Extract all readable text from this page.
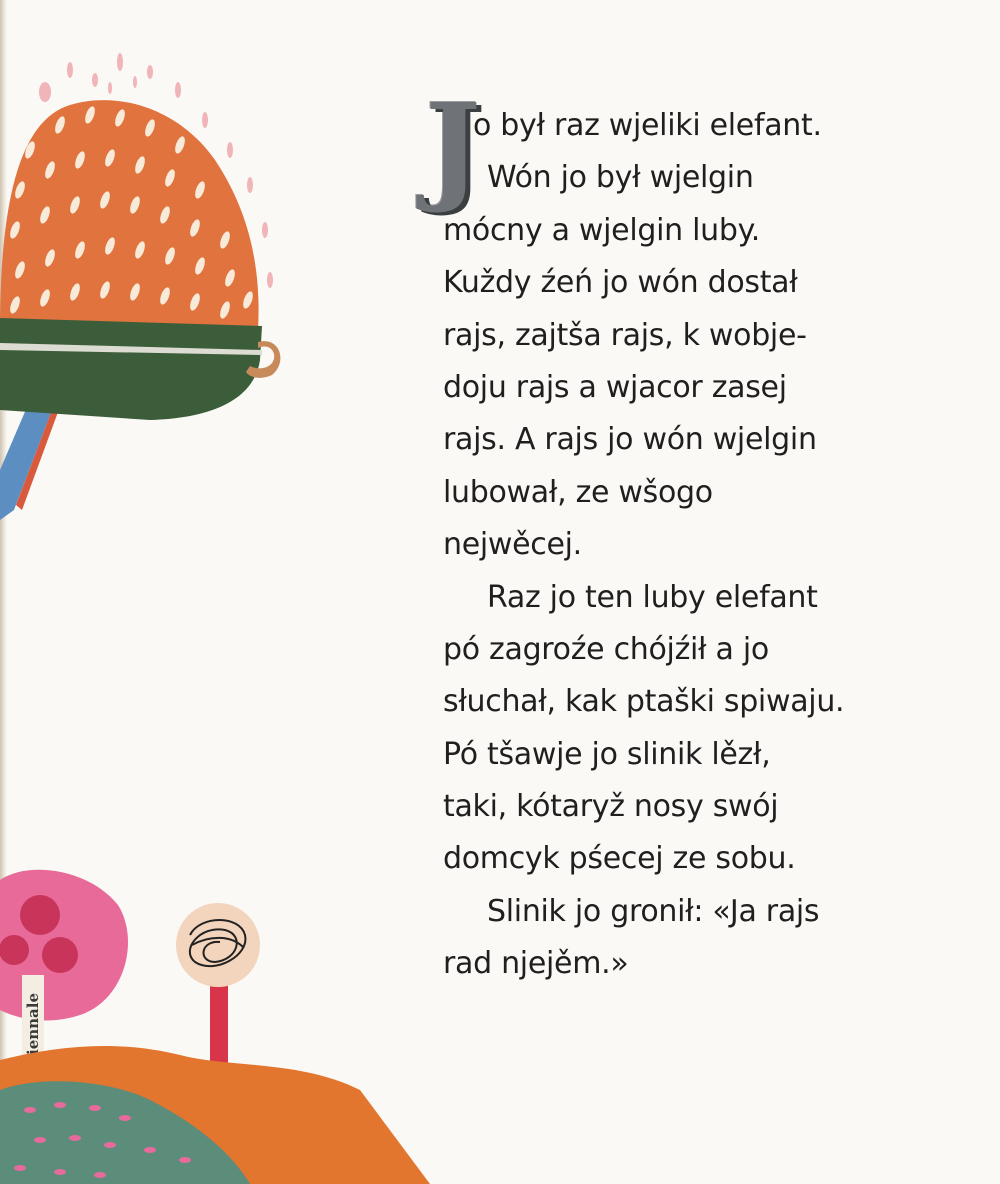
iennale
J
o był raz wjeliki elefant.
Wón jo był wjelgin
mócny a wjelgin luby.
Kuždy źeń jo wón dostał
rajs, zajtša rajs, k wobje-
doju rajs a wjacor zasej
rajs. A rajs jo wón wjelgin
lubował, ze wšogo
nejwěcej.
Raz jo ten luby elefant
pó zagroźe chójźił a jo
słuchał, kak ptaški spiwaju.
Pó tšawje jo slinik lězł,
taki, kótaryž nosy swój
domcyk pśecej ze sobu.
Slinik jo gronił: «Ja rajs
rad njejěm.»
